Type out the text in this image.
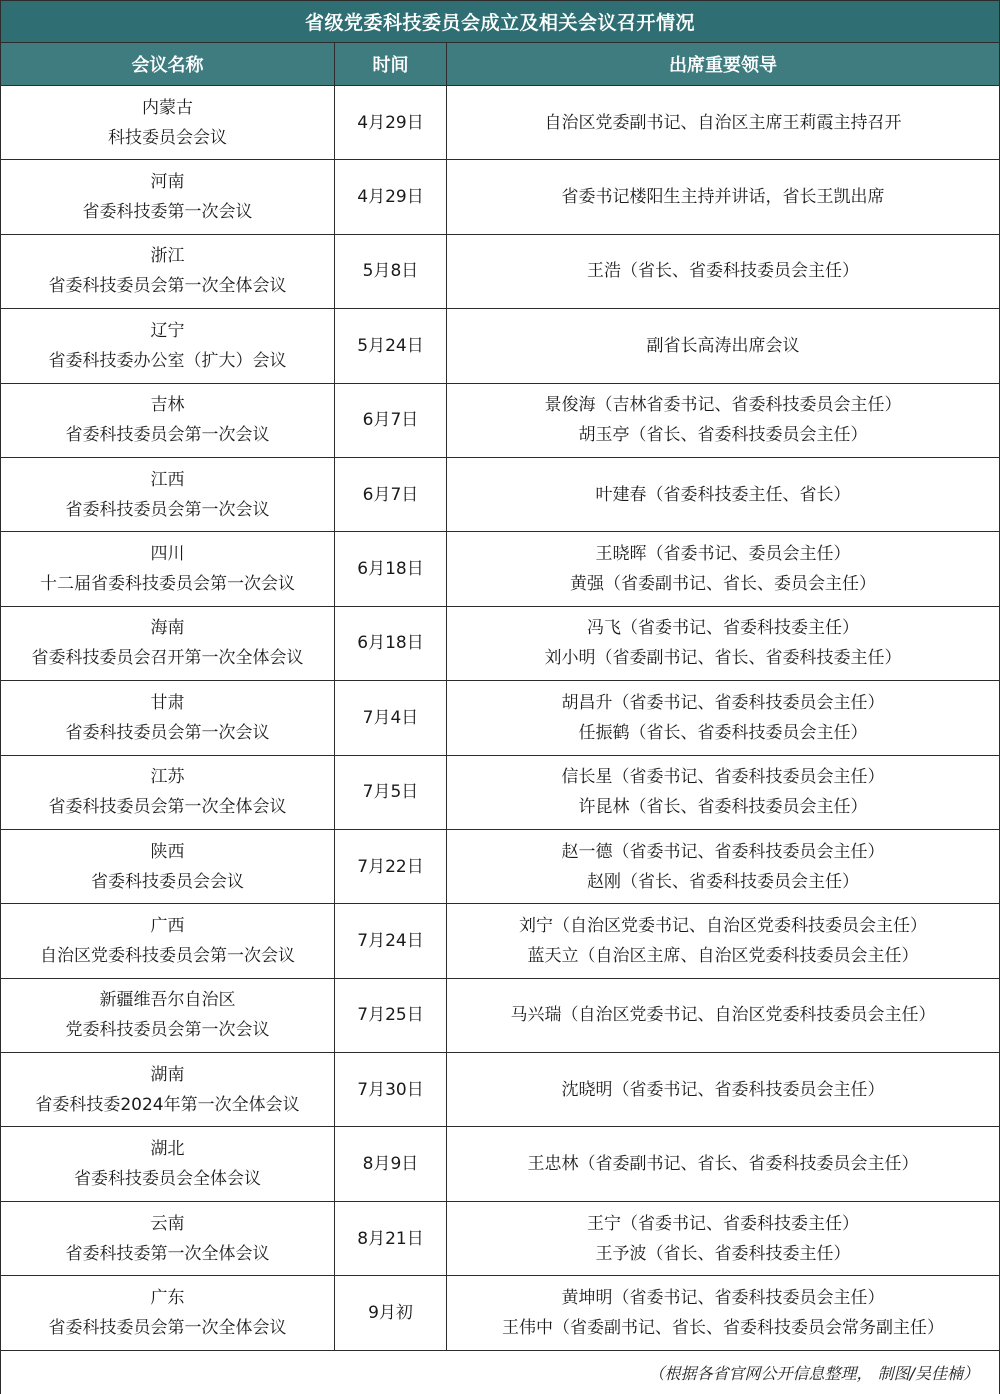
省级党委科技委员会成立及相关会议召开情况		
会议名称	时间	出席重要领导

内蒙古
科技委员会会议	4月29日	自治区党委副书记、自治区主席王莉霞主持召开

河南
省委科技委第一次会议	4月29日	省委书记楼阳生主持并讲话，省长王凯出席

浙江
省委科技委员会第一次全体会议	5月8日	王浩（省长、省委科技委员会主任）

辽宁
省委科技委办公室（扩大）会议	5月24日	副省长高涛出席会议

吉林
省委科技委员会第一次会议	6月7日	景俊海（吉林省委书记、省委科技委员会主任）
胡玉亭（省长、省委科技委员会主任）

江西
省委科技委员会第一次会议	6月7日	叶建春（省委科技委主任、省长）

四川
十二届省委科技委员会第一次会议	6月18日	王晓晖（省委书记、委员会主任）
黄强（省委副书记、省长、委员会主任）

海南
省委科技委员会召开第一次全体会议	6月18日	冯飞（省委书记、省委科技委主任）
刘小明（省委副书记、省长、省委科技委主任）

甘肃
省委科技委员会第一次会议	7月4日	胡昌升（省委书记、省委科技委员会主任）
任振鹤（省长、省委科技委员会主任）

江苏
省委科技委员会第一次全体会议	7月5日	信长星（省委书记、省委科技委员会主任）
许昆林（省长、省委科技委员会主任）

陕西
省委科技委员会会议	7月22日	赵一德（省委书记、省委科技委员会主任）
赵刚（省长、省委科技委员会主任）

广西
自治区党委科技委员会第一次会议	7月24日	刘宁（自治区党委书记、自治区党委科技委员会主任）
蓝天立（自治区主席、自治区党委科技委员会主任）

新疆维吾尔自治区
党委科技委员会第一次会议	7月25日	马兴瑞（自治区党委书记、自治区党委科技委员会主任）

湖南
省委科技委2024年第一次全体会议	7月30日	沈晓明（省委书记、省委科技委员会主任）

湖北
省委科技委员会全体会议	8月9日	王忠林（省委副书记、省长、省委科技委员会主任）

云南
省委科技委第一次全体会议	8月21日	王宁（省委书记、省委科技委主任）
王予波（省长、省委科技委主任）

广东
省委科技委员会第一次全体会议	9月初	黄坤明（省委书记、省委科技委员会主任）
王伟中（省委副书记、省长、省委科技委员会常务副主任）

（根据各省官网公开信息整理， 制图/吴佳楠）		
